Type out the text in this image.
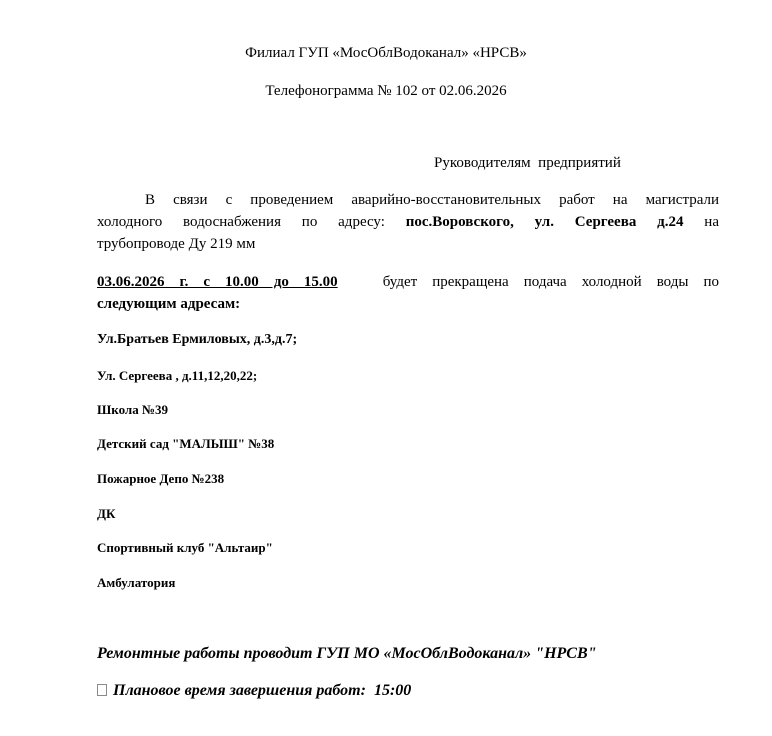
Филиал ГУП «МосОблВодоканал» «НРСВ»
Телефонограмма № 102 от 02.06.2026
Руководителям  предприятий
В связи с проведением аварийно-восстановительных работ на магистрали
холодного водоснабжения по адресу: пос.Воровского, ул. Сергеева д.24 на
трубопроводе Ду 219 мм
03.06.2026 г. с 10.00 до 15.00	будет прекращена подача холодной воды по
следующим адресам:
Ул.Братьев Ермиловых, д.3,д.7;
Ул. Сергеева , д.11,12,20,22;
Школа №39
Детский сад "МАЛЫШ" №38
Пожарное Депо №238
ДК
Спортивный клуб "Альтаир"
Амбулатория
Ремонтные работы проводит ГУП МО «МосОблВодоканал» "НРСВ"
Плановое время завершения работ: 15:00
